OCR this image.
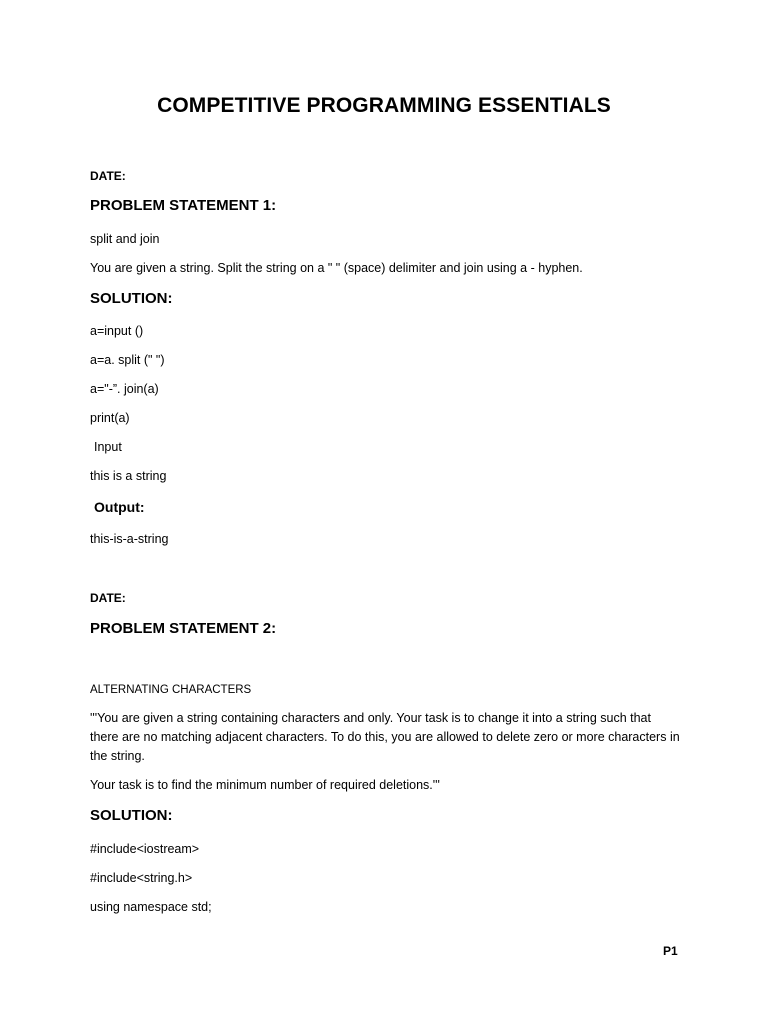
COMPETITIVE PROGRAMMING ESSENTIALS
DATE:
PROBLEM STATEMENT 1:
split and join
You are given a string. Split the string on a " " (space) delimiter and join using a - hyphen.
SOLUTION:
a=input ()
a=a. split (" ")
a="-”. join(a)
print(a)
Input
this is a string
Output:
this-is-a-string
DATE:
PROBLEM STATEMENT 2:
ALTERNATING CHARACTERS
'''You are given a string containing characters and only. Your task is to change it into a string such that there are no matching adjacent characters. To do this, you are allowed to delete zero or more characters in the string.
Your task is to find the minimum number of required deletions.'''
SOLUTION:
#include<iostream>
#include<string.h>
using namespace std;
P1
